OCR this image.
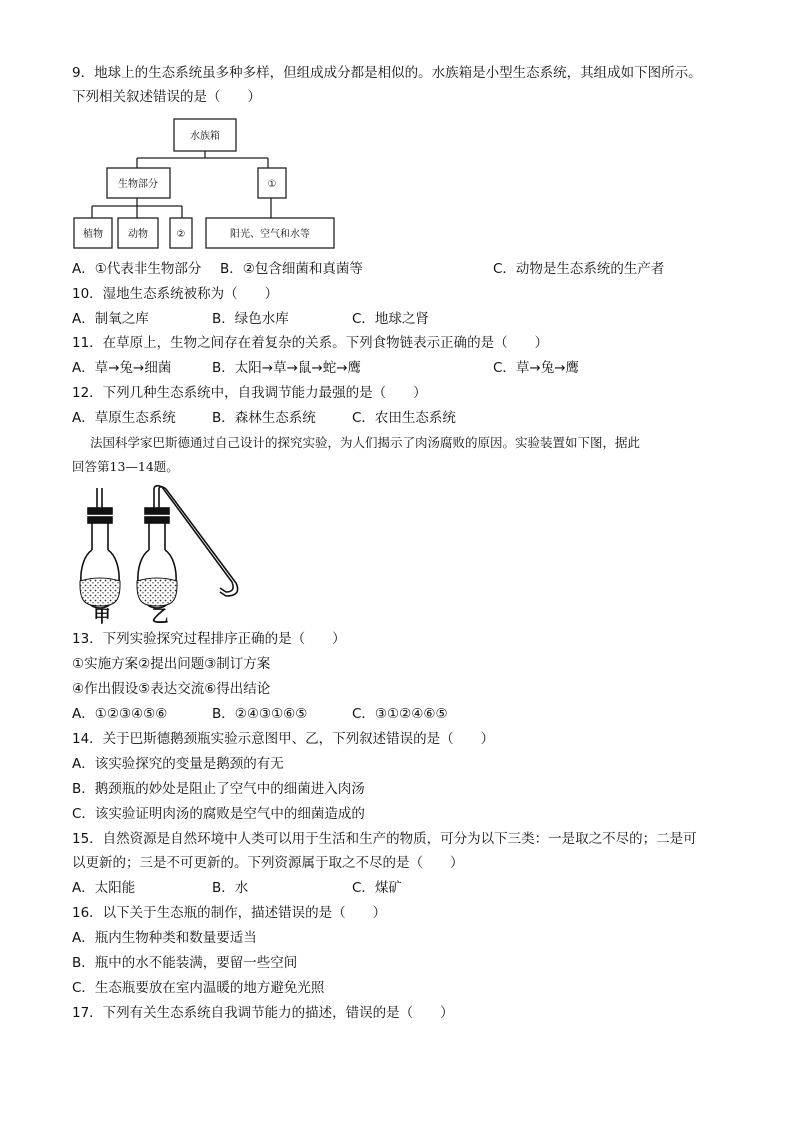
9．地球上的生态系统虽多种多样，但组成成分都是相似的。水族箱是小型生态系统，其组成如下图所示。
下列相关叙述错误的是（　　）
水族箱
生物部分	①
植物	动物	②	阳光、空气和水等
A．①代表非生物部分 B．②包含细菌和真菌等	C．动物是生态系统的生产者
10．湿地生态系统被称为（　　）
A．制氧之库	B．绿色水库	C．地球之肾
11．在草原上，生物之间存在着复杂的关系。下列食物链表示正确的是（　　）
A．草→兔→细菌	B．太阳→草→鼠→蛇→鹰	C．草→兔→鹰
12．下列几种生态系统中，自我调节能力最强的是（　　）
A．草原生态系统	B．森林生态系统	C．农田生态系统
法国科学家巴斯德通过自己设计的探究实验，为人们揭示了肉汤腐败的原因。实验装置如下图，据此
回答第13—14题。
甲 乙
13．下列实验探究过程排序正确的是（　　）
①实施方案②提出问题③制订方案
④作出假设⑤表达交流⑥得出结论
A．①②③④⑤⑥	B．②④③①⑥⑤	C．③①②④⑥⑤
14．关于巴斯德鹅颈瓶实验示意图甲、乙，下列叙述错误的是（　　）
A．该实验探究的变量是鹅颈的有无
B．鹅颈瓶的妙处是阻止了空气中的细菌进入肉汤
C．该实验证明肉汤的腐败是空气中的细菌造成的
15．自然资源是自然环境中人类可以用于生活和生产的物质，可分为以下三类：一是取之不尽的；二是可
以更新的；三是不可更新的。下列资源属于取之不尽的是（　　）
A．太阳能	B．水	C．煤矿
16．以下关于生态瓶的制作，描述错误的是（　　）
A．瓶内生物种类和数量要适当
B．瓶中的水不能装满，要留一些空间
C．生态瓶要放在室内温暖的地方避免光照
17．下列有关生态系统自我调节能力的描述，错误的是（　　）
